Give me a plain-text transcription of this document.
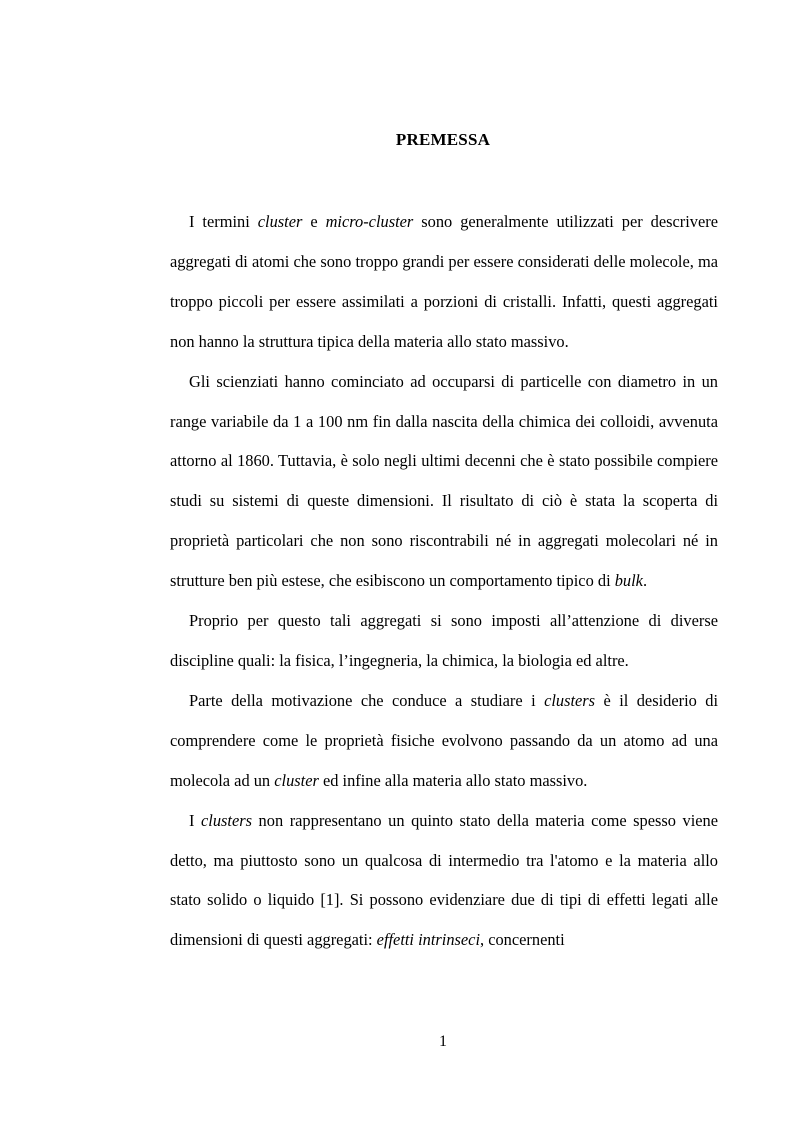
PREMESSA

I termini cluster e micro-cluster sono generalmente utilizzati per descrivere aggregati di atomi che sono troppo grandi per essere considerati delle molecole, ma troppo piccoli per essere assimilati a porzioni di cristalli. Infatti, questi aggregati non hanno la struttura tipica della materia allo stato massivo.

Gli scienziati hanno cominciato ad occuparsi di particelle con diametro in un range variabile da 1 a 100 nm fin dalla nascita della chimica dei colloidi, avvenuta attorno al 1860. Tuttavia, è solo negli ultimi decenni che è stato possibile compiere studi su sistemi di queste dimensioni. Il risultato di ciò è stata la scoperta di proprietà particolari che non sono riscontrabili né in aggregati molecolari né in strutture ben più estese, che esibiscono un comportamento tipico di bulk.

Proprio per questo tali aggregati si sono imposti all’attenzione di diverse discipline quali: la fisica, l’ingegneria, la chimica, la biologia ed altre.

Parte della motivazione che conduce a studiare i clusters è il desiderio di comprendere come le proprietà fisiche evolvono passando da un atomo ad una molecola ad un cluster ed infine alla materia allo stato massivo.

I clusters non rappresentano un quinto stato della materia come spesso viene detto, ma piuttosto sono un qualcosa di intermedio tra l'atomo e la materia allo stato solido o liquido [1]. Si possono evidenziare due di tipi di effetti legati alle dimensioni di questi aggregati: effetti intrinseci, concernenti

1
